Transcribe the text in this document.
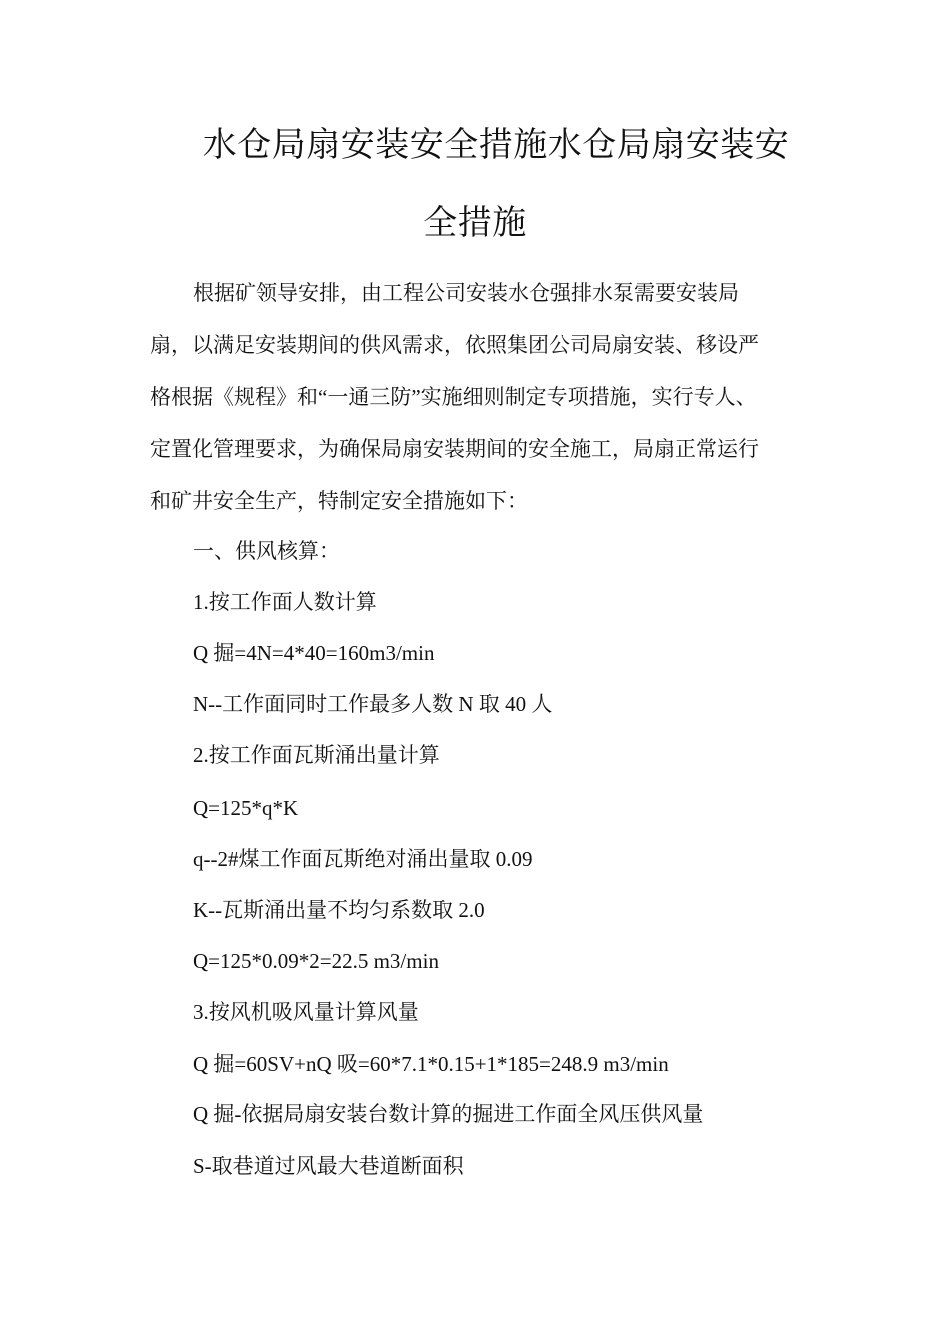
水仓局扇安装安全措施水仓局扇安装安
全措施
根据矿领导安排，由工程公司安装水仓强排水泵需要安装局
扇，以满足安装期间的供风需求，依照集团公司局扇安装、移设严
格根据《规程》和“一通三防”实施细则制定专项措施，实行专人、
定置化管理要求，为确保局扇安装期间的安全施工，局扇正常运行
和矿井安全生产，特制定安全措施如下：

一、供风核算：

1.按工作面人数计算

Q 掘=4N=4*40=160m3/min

N--工作面同时工作最多人数 N 取 40 人

2.按工作面瓦斯涌出量计算

Q=125*q*K

q--2#煤工作面瓦斯绝对涌出量取 0.09

K--瓦斯涌出量不均匀系数取 2.0

Q=125*0.09*2=22.5 m3/min

3.按风机吸风量计算风量

Q 掘=60SV+nQ 吸=60*7.1*0.15+1*185=248.9 m3/min

Q 掘-依据局扇安装台数计算的掘进工作面全风压供风量

S-取巷道过风最大巷道断面积
